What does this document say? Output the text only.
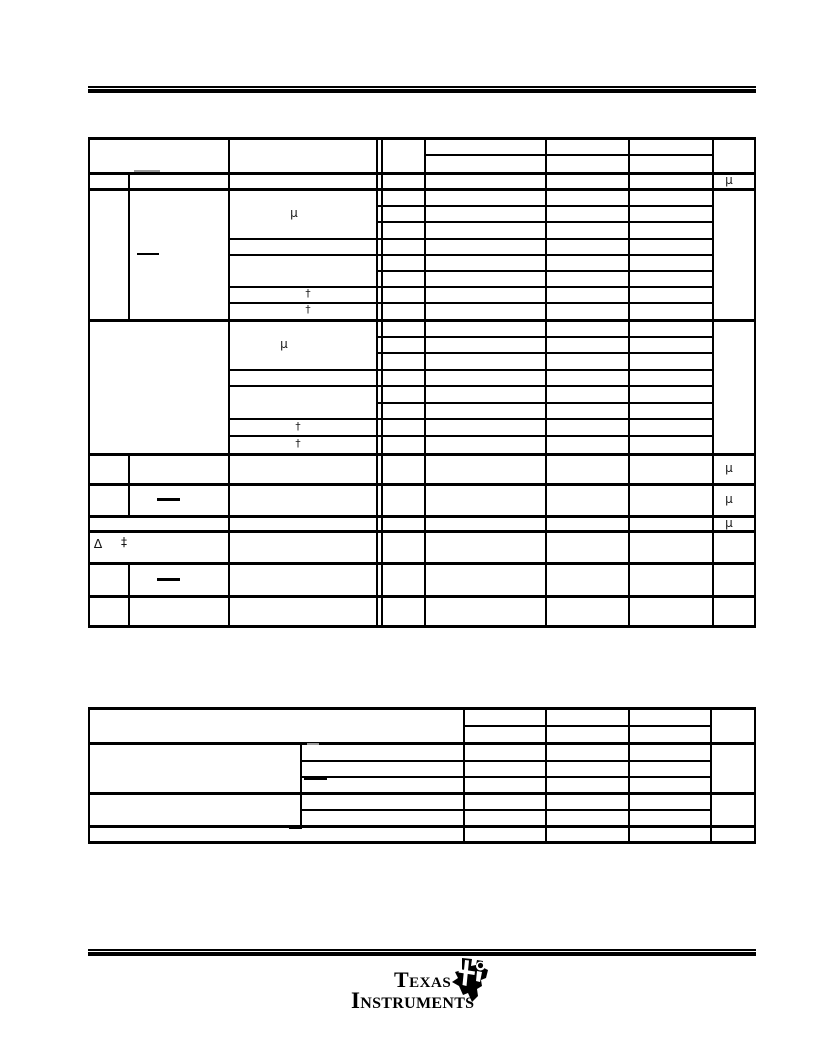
μ
μ
μ
μ
μ
†
†
μ
†
†
Δ	‡
Texas
Instruments
